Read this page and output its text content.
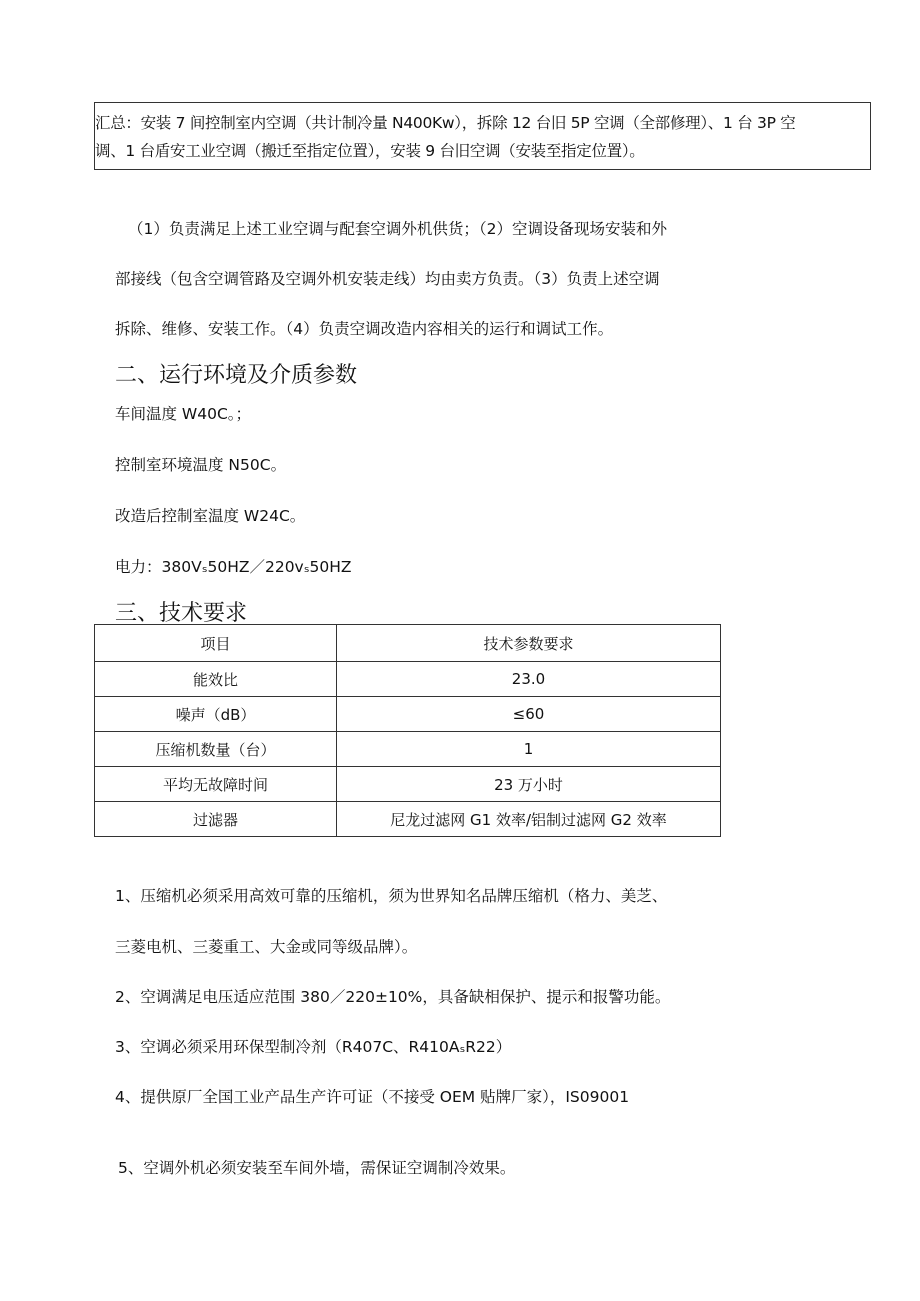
汇总：安装 7 间控制室内空调（共计制冷量 N400Kw），拆除 12 台旧 5P 空调（全部修理）、1 台 3P 空
调、1 台盾安工业空调（搬迁至指定位置），安装 9 台旧空调（安装至指定位置）。
（1）负责满足上述工业空调与配套空调外机供货；（2）空调设备现场安装和外
部接线（包含空调管路及空调外机安装走线）均由卖方负责。（3）负责上述空调
拆除、维修、安装工作。（4）负责空调改造内容相关的运行和调试工作。
二、运行环境及介质参数
车间温度 W40C。；
控制室环境温度 N50C。
改造后控制室温度 W24C。
电力：380Vₛ50HZ／220vₛ50HZ
三、技术要求
项目	技术参数要求
能效比	23.0
噪声（dB）	≤60
压缩机数量（台）	1
平均无故障时间	23 万小时
过滤器	尼龙过滤网 G1 效率/铝制过滤网 G2 效率
1、压缩机必须采用高效可靠的压缩机，须为世界知名品牌压缩机（格力、美芝、
三菱电机、三菱重工、大金或同等级品牌）。
2、空调满足电压适应范围 380／220±10%，具备缺相保护、提示和报警功能。
3、空调必须采用环保型制冷剂（R407C、R410AₛR22）
4、提供原厂全国工业产品生产许可证（不接受 OEM 贴牌厂家），IS09001
5、空调外机必须安装至车间外墙，需保证空调制冷效果。
